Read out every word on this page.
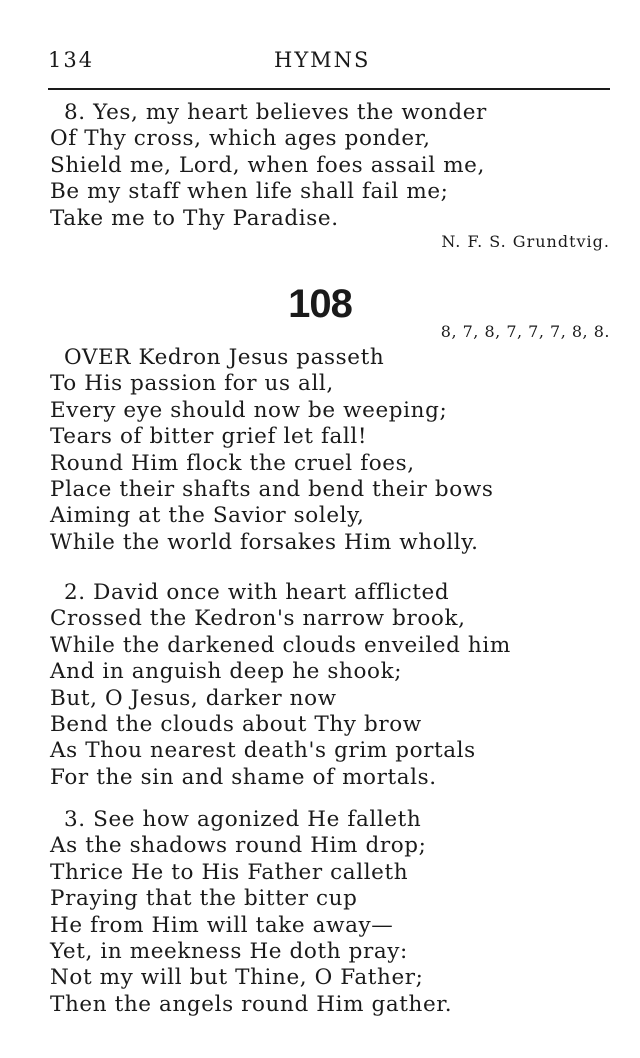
134	HYMNS
8. Yes, my heart believes the wonder
Of Thy cross, which ages ponder,
Shield me, Lord, when foes assail me,
Be my staff when life shall fail me;
Take me to Thy Paradise.
N. F. S. Grundtvig.
108
8, 7, 8, 7, 7, 7, 8, 8.
OVER Kedron Jesus passeth
To His passion for us all,
Every eye should now be weeping;
Tears of bitter grief let fall!
Round Him flock the cruel foes,
Place their shafts and bend their bows
Aiming at the Savior solely,
While the world forsakes Him wholly.
2. David once with heart afflicted
Crossed the Kedron's narrow brook,
While the darkened clouds enveiled him
And in anguish deep he shook;
But, O Jesus, darker now
Bend the clouds about Thy brow
As Thou nearest death's grim portals
For the sin and shame of mortals.
3. See how agonized He falleth
As the shadows round Him drop;
Thrice He to His Father calleth
Praying that the bitter cup
He from Him will take away—
Yet, in meekness He doth pray:
Not my will but Thine, O Father;
Then the angels round Him gather.
